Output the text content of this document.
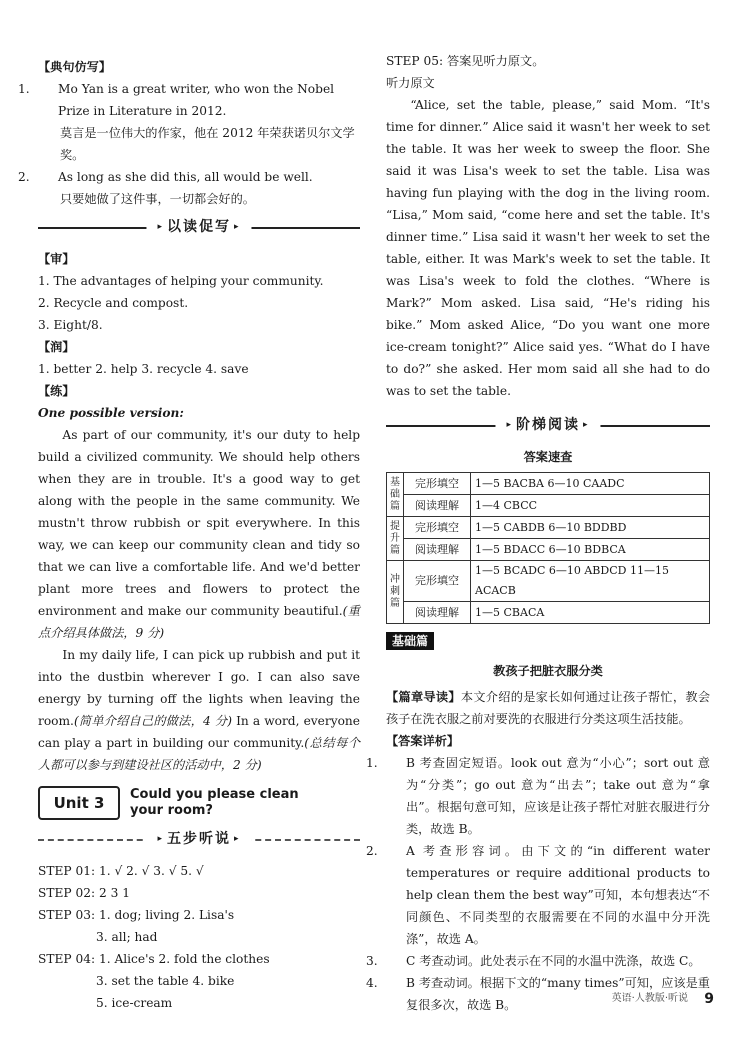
【典句仿写】

1. Mo Yan is a great writer, who won the Nobel Prize in Literature in 2012.
莫言是一位伟大的作家，他在 2012 年荣获诺贝尔文学奖。
2. As long as she did this, all would be well.
只要她做了这件事，一切都会好的。
▸ 以读促写 ▸

【审】

1. The advantages of helping your community.

2. Recycle and compost.

3. Eight/8.

【润】

1. better 2. help 3. recycle 4. save

【练】

One possible version:

As part of our community, it's our duty to help build a civilized community. We should help others when they are in trouble. It's a good way to get along with the people in the same community. We mustn't throw rubbish or spit everywhere. In this way, we can keep our community clean and tidy so that we can live a comfortable life. And we'd better plant more trees and flowers to protect the environment and make our community beautiful.(重点介绍具体做法，9 分)

In my daily life, I can pick up rubbish and put it into the dustbin wherever I go. I can also save energy by turning off the lights when leaving the room.(简单介绍自己的做法，4 分) In a word, everyone can play a part in building our community.(总结每个人都可以参与到建设社区的活动中，2 分)

Unit 3	Could you please clean
your room?
▸ 五步听说 ▸

STEP 01: 1. √ 2. √ 3. √ 5. √

STEP 02: 2 3 1

STEP 03: 1. dog; living 2. Lisa's

3. all; had

STEP 04: 1. Alice's 2. fold the clothes

3. set the table 4. bike

5. ice-cream

STEP 05: 答案见听力原文。

听力原文

“Alice, set the table, please,” said Mom. “It's time for dinner.” Alice said it wasn't her week to set the table. It was her week to sweep the floor. She said it was Lisa's week to set the table. Lisa was having fun playing with the dog in the living room. “Lisa,” Mom said, “come here and set the table. It's dinner time.” Lisa said it wasn't her week to set the table, either. It was Mark's week to set the table. It was Lisa's week to fold the clothes. “Where is Mark?” Mom asked. Lisa said, “He's riding his bike.” Mom asked Alice, “Do you want one more ice-cream tonight?” Alice said yes. “What do I have to do?” she asked. Her mom said all she had to do was to set the table.

▸ 阶梯阅读 ▸
答案速查
基础篇	完形填空	1—5 BACBA 6—10 CAADC
	阅读理解	1—4 CBCC
提升篇	完形填空	1—5 CABDB 6—10 BDDBD
	阅读理解	1—5 BDACC 6—10 BDBCA
冲刺篇	完形填空	1—5 BCADC 6—10 ABDCD 11—15 ACACB
	阅读理解	1—5 CBACA
基础篇
教孩子把脏衣服分类

【篇章导读】本文介绍的是家长如何通过让孩子帮忙，教会孩子在洗衣服之前对要洗的衣服进行分类这项生活技能。

【答案详析】

1. B 考查固定短语。look out 意为“小心”；sort out 意为“分类”；go out 意为“出去”；take out 意为“拿出”。根据句意可知，应该是让孩子帮忙对脏衣服进行分类，故选 B。
2. A 考查形容词。由下文的“in different water temperatures or require additional products to help clean them the best way”可知，本句想表达“不同颜色、不同类型的衣服需要在不同的水温中分开洗涤”，故选 A。
3. C 考查动词。此处表示在不同的水温中洗涤，故选 C。
4. B 考查动词。根据下文的“many times”可知，应该是重复很多次，故选 B。	英语·人教版·听说 9
